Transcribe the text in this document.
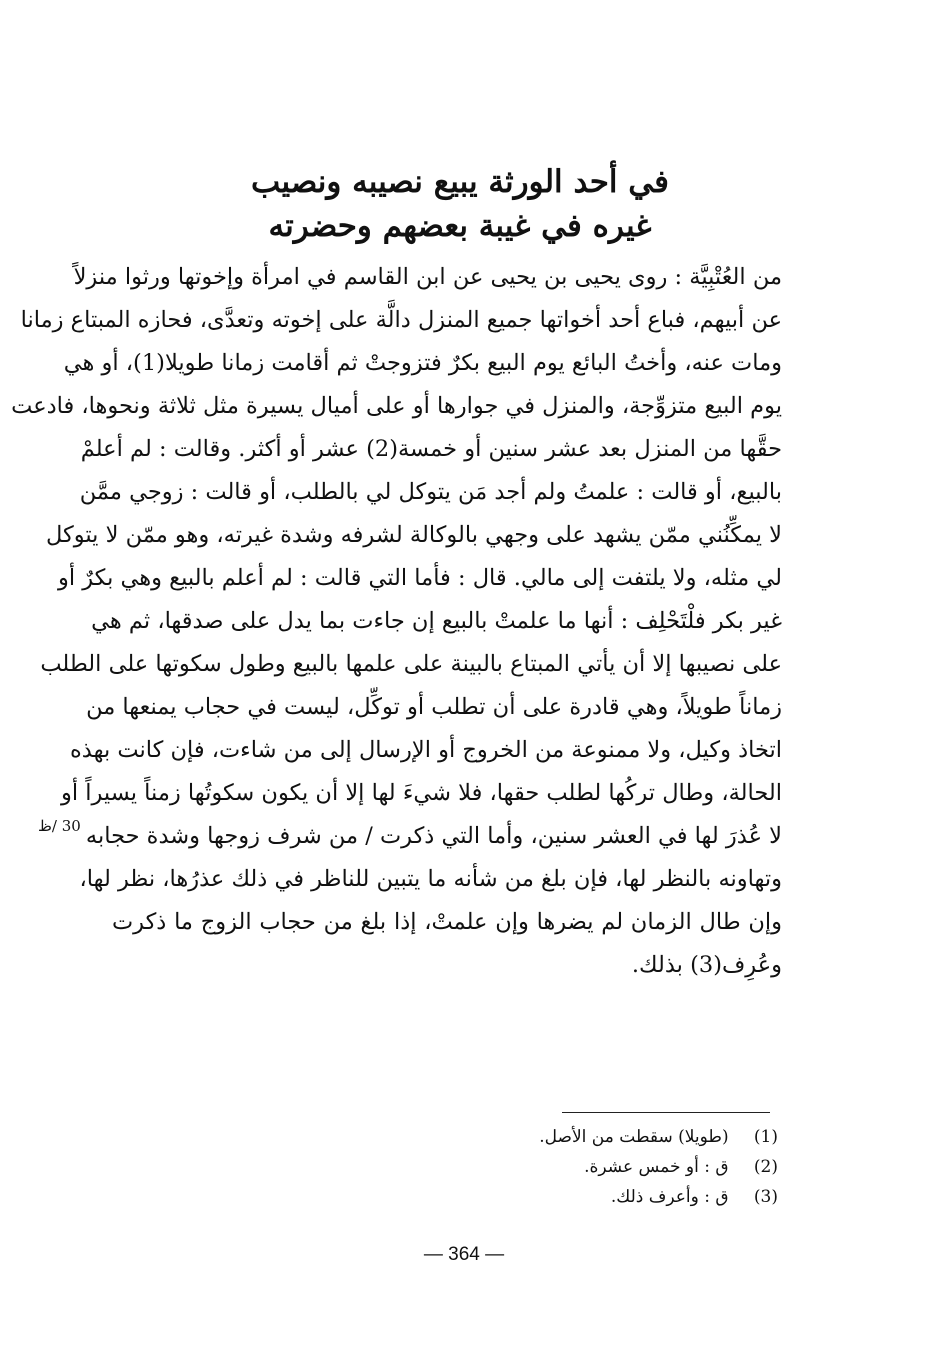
في أحد الورثة يبيع نصيبه ونصيب
غيره في غيبة بعضهم وحضرته
من العُتْبِيَّة : روى يحيى بن يحيى عن ابن القاسم في امرأة وإخوتها ورثوا منزلاً
عن أبيهم، فباع أحد أخواتها جميع المنزل دالَّة على إخوته وتعدَّى، فحازه المبتاع زمانا
ومات عنه، وأختُ البائع يوم البيع بكرٌ فتزوجتْ ثم أقامت زمانا طويلا(1)، أو هي
يوم البيع متزوِّجة، والمنزل في جوارها أو على أميال يسيرة مثل ثلاثة ونحوها، فادعت
حقَّها من المنزل بعد عشر سنين أو خمسة(2) عشر أو أكثر. وقالت : لم أعلمْ
بالبيع، أو قالت : علمتُ ولم أجد مَن يتوكل لي بالطلب، أو قالت : زوجي ممَّن
لا يمكِّنُني ممّن يشهد على وجهي بالوكالة لشرفه وشدة غيرته، وهو ممّن لا يتوكل
لي مثله، ولا يلتفت إلى مالي. قال : فأما التي قالت : لم أعلم بالبيع وهي بكرٌ أو
غير بكر فلْتَحْلِف : أنها ما علمتْ بالبيع إن جاءت بما يدل على صدقها، ثم هي
على نصيبها إلا أن يأتي المبتاع بالبينة على علمها بالبيع وطول سكوتها على الطلب
زماناً طويلاً، وهي قادرة على أن تطلب أو توكِّل، ليست في حجاب يمنعها من
اتخاذ وكيل، ولا ممنوعة من الخروج أو الإرسال إلى من شاءت، فإن كانت بهذه
الحالة، وطال تركُها لطلب حقها، فلا شيءَ لها إلا أن يكون سكوتُها زمناً يسيراً أو
لا عُذرَ لها في العشر سنين، وأما التي ذكرت / من شرف زوجها وشدة حجابه
وتهاونه بالنظر لها، فإن بلغ من شأنه ما يتبين للناظر في ذلك عذرُها، نظر لها،
وإن طال الزمان لم يضرها وإن علمتْ، إذا بلغ من حجاب الزوج ما ذكرت
وعُرِف(3) بذلك.
30 /ظ
(1) (طويلا) سقطت من الأصل.
(2) ق : أو خمس عشرة.
(3) ق : وأعرف ذلك.
— 364 —
